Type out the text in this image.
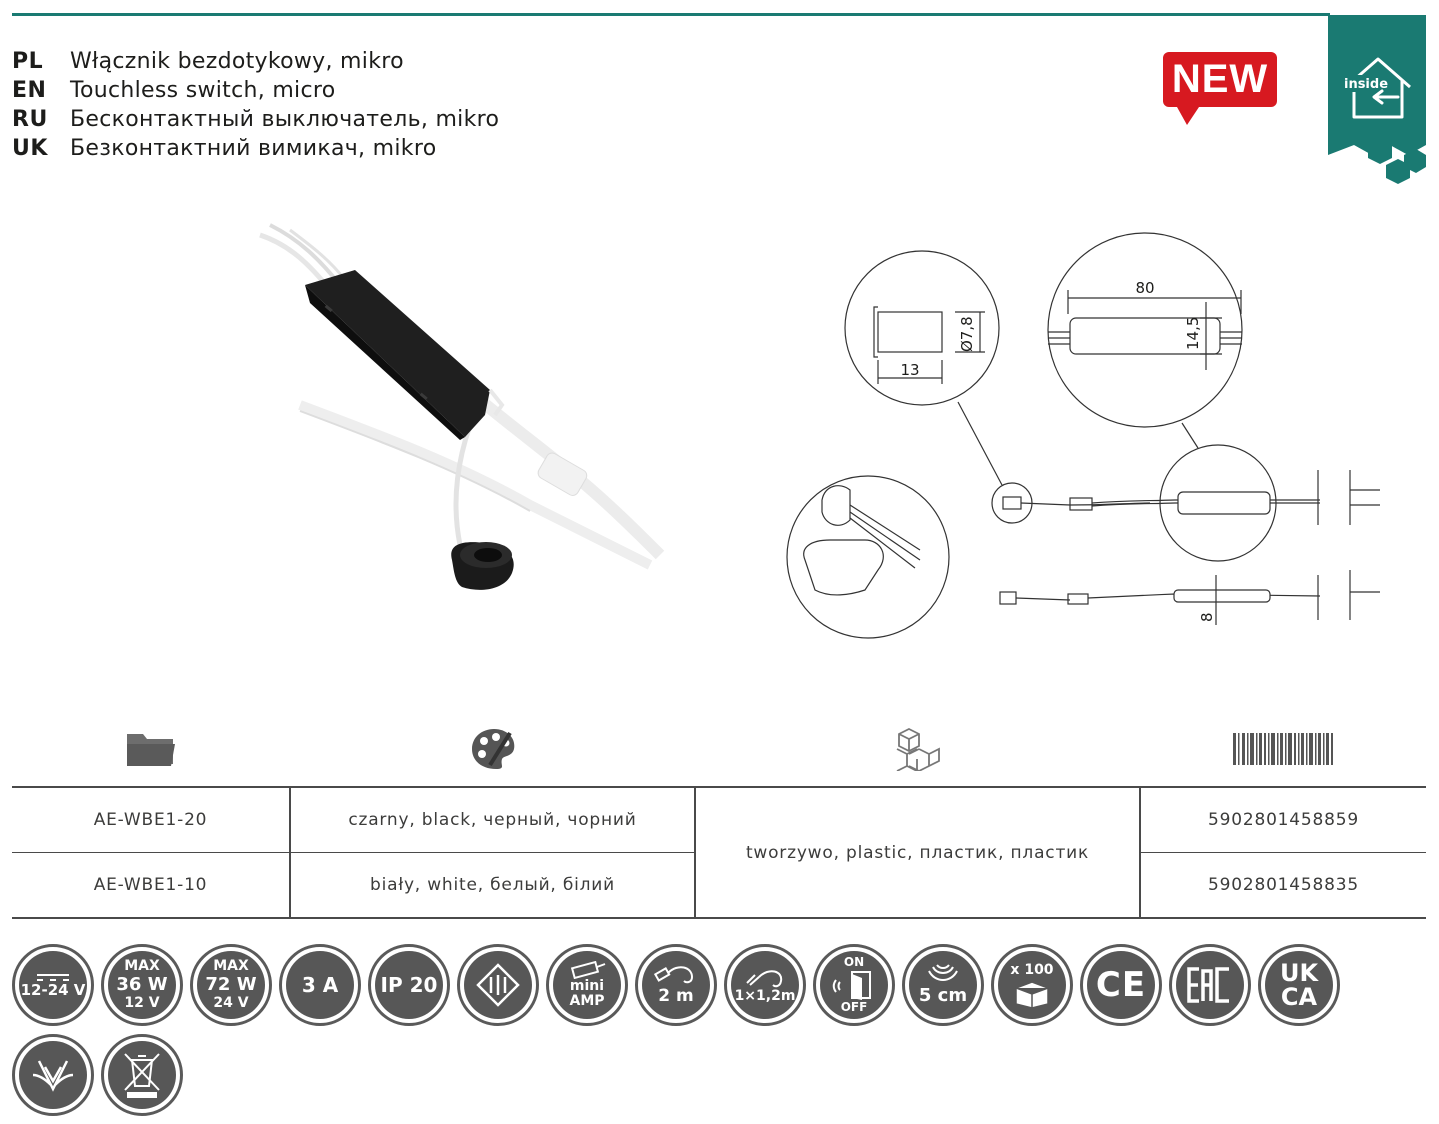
PL	Włącznik bezdotykowy, mikro
EN	Touchless switch, micro
RU	Бесконтактный выключатель, mikro
UK	Безконтактний вимикач, mikro
NEW	inside
13
Ø7,8
80
14,5
8
AE-WBE1-20	czarny, black, черный, чорний	5902801458859
AE-WBE1-10	biały, white, белый, білий	5902801458835
tworzywo, plastic, пластик, пластик
12-24 V
MAX
36 W
12 V
MAX
72 W
24 V
3 A IP 20	mini
AMP	2 m	1×1,2m
ON
OFF
5 cm
x 100 CE	UK
CA
